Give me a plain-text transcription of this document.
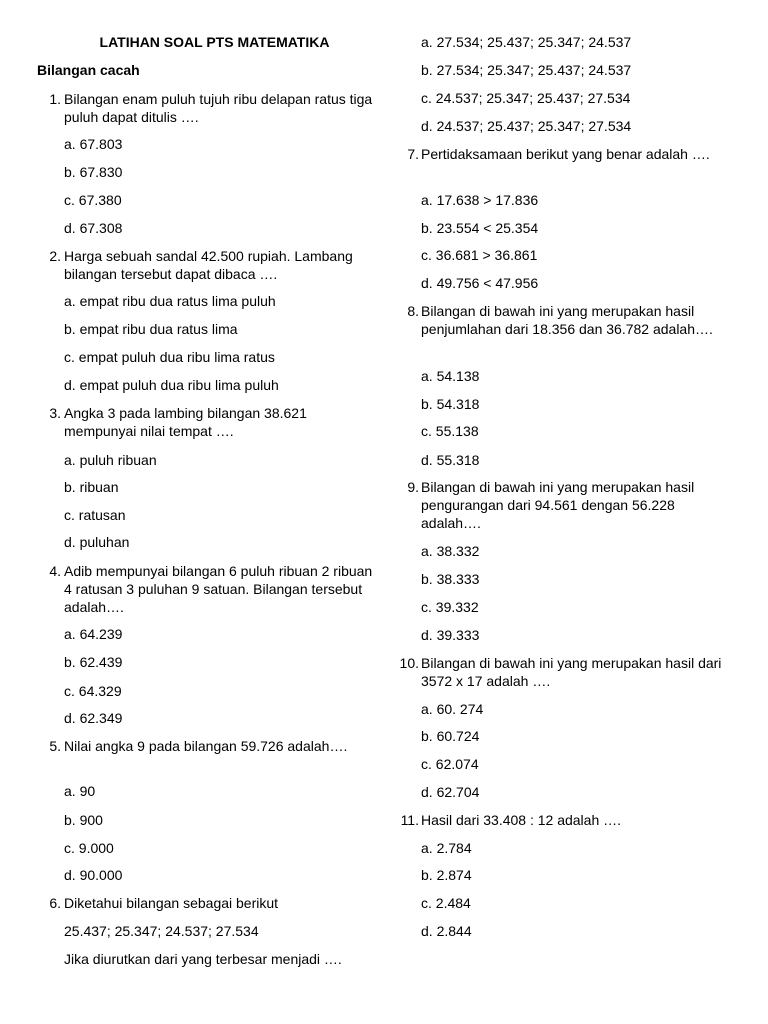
LATIHAN SOAL PTS MATEMATIKA
Bilangan cacah
1. Bilangan enam puluh tujuh ribu delapan ratus tiga puluh dapat ditulis ….
a. 67.803
b. 67.830
c. 67.380
d. 67.308
2. Harga sebuah sandal 42.500 rupiah. Lambang bilangan tersebut dapat dibaca ….
a. empat ribu dua ratus lima puluh
b. empat ribu dua ratus lima
c. empat puluh dua ribu lima ratus
d. empat puluh dua ribu lima puluh
3. Angka 3 pada lambing bilangan 38.621 mempunyai nilai tempat ….
a. puluh ribuan
b. ribuan
c. ratusan
d. puluhan
4. Adib mempunyai bilangan 6 puluh ribuan 2 ribuan 4 ratusan 3 puluhan 9 satuan. Bilangan tersebut adalah….
a. 64.239
b. 62.439
c. 64.329
d. 62.349
5. Nilai angka 9 pada bilangan 59.726 adalah….
a. 90
b. 900
c. 9.000
d. 90.000
6. Diketahui bilangan sebagai berikut
25.437; 25.347; 24.537; 27.534
Jika diurutkan dari yang terbesar menjadi ….
a. 27.534; 25.437; 25.347; 24.537
b. 27.534; 25.347; 25.437; 24.537
c. 24.537; 25.347; 25.437; 27.534
d. 24.537; 25.437; 25.347; 27.534
7. Pertidaksamaan berikut yang benar adalah ….
a. 17.638 > 17.836
b. 23.554 < 25.354
c. 36.681 > 36.861
d. 49.756 < 47.956
8. Bilangan di bawah ini yang merupakan hasil penjumlahan dari 18.356 dan 36.782 adalah….
a. 54.138
b. 54.318
c. 55.138
d. 55.318
9. Bilangan di bawah ini yang merupakan hasil pengurangan dari 94.561 dengan 56.228 adalah….
a. 38.332
b. 38.333
c. 39.332
d. 39.333
10. Bilangan di bawah ini yang merupakan hasil dari 3572 x 17 adalah ….
a. 60. 274
b. 60.724
c. 62.074
d. 62.704
11. Hasil dari 33.408 : 12 adalah ….
a. 2.784
b. 2.874
c. 2.484
d. 2.844
